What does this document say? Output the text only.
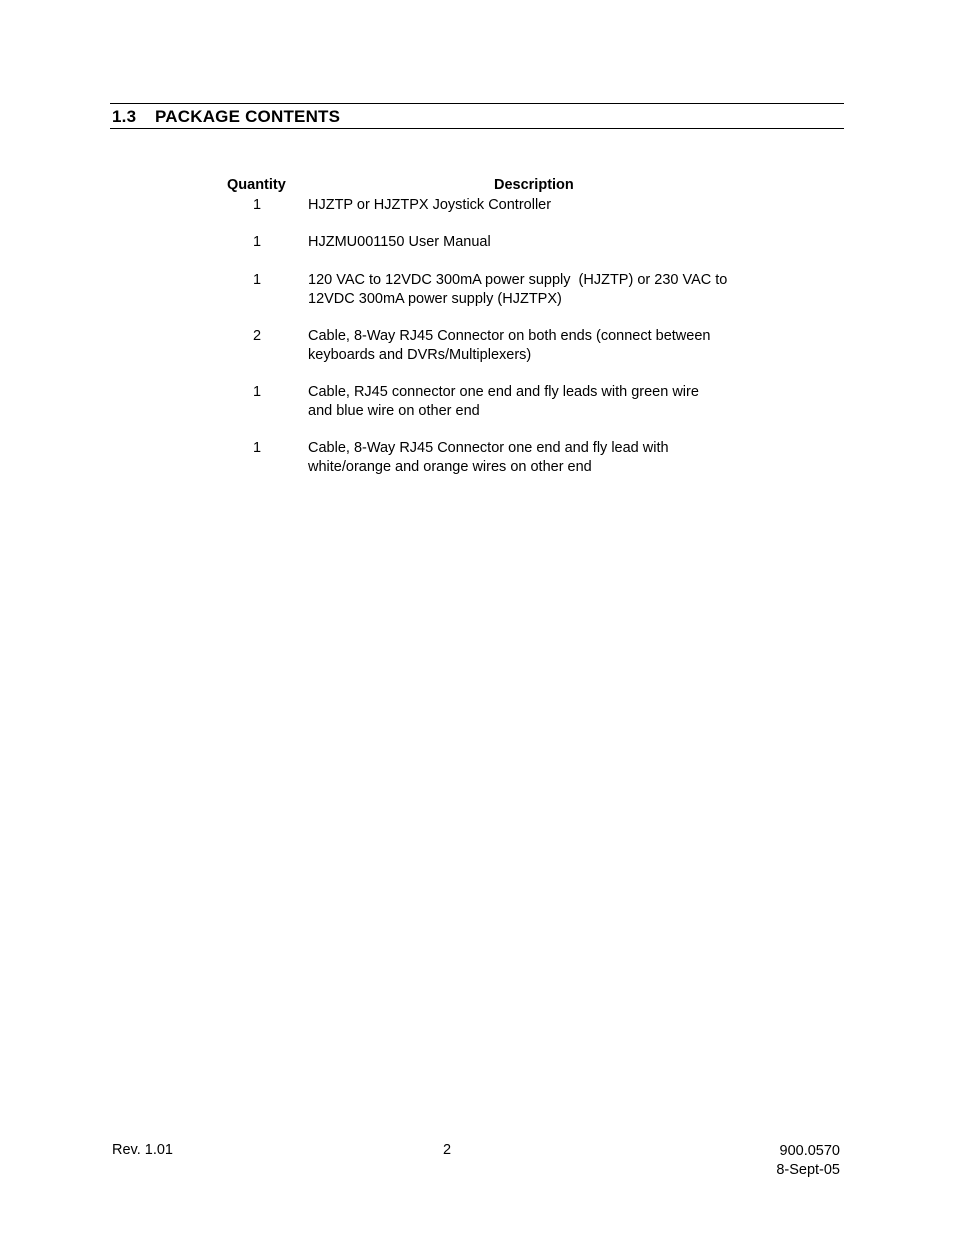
1.3 PACKAGE CONTENTS
Quantity	Description
1	HJZTP or HJZTPX Joystick Controller
1	HJZMU001150 User Manual
1	120 VAC to 12VDC 300mA power supply  (HJZTP) or 230 VAC to
12VDC 300mA power supply (HJZTPX)
2	Cable, 8-Way RJ45 Connector on both ends (connect between
keyboards and DVRs/Multiplexers)
1	Cable, RJ45 connector one end and fly leads with green wire
and blue wire on other end
1	Cable, 8-Way RJ45 Connector one end and fly lead with
white/orange and orange wires on other end
Rev. 1.01	2	900.0570
8-Sept-05
